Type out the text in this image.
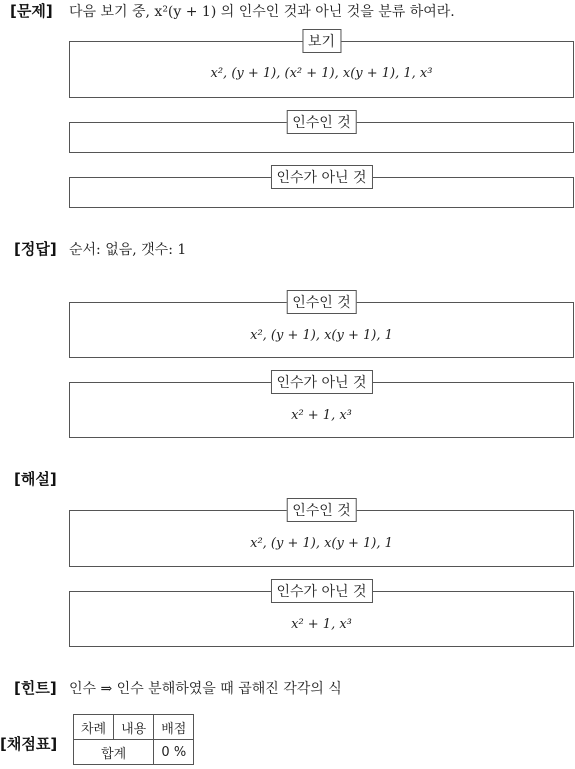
[문제] 다음 보기 중, x²(y + 1) 의 인수인 것과 아닌 것을 분류 하여라.
보기
x², (y + 1), (x² + 1), x(y + 1), 1, x³
인수인 것
인수가 아닌 것
[정답] 순서: 없음, 갯수: 1
인수인 것
x², (y + 1), x(y + 1), 1
인수가 아닌 것
x² + 1, x³
[해설]
인수인 것
x², (y + 1), x(y + 1), 1
인수가 아닌 것
x² + 1, x³
[힌트] 인수 ⇒ 인수 분해하였을 때 곱해진 각각의 식
[채점표]
차례	내용	배점
합계		0 %
